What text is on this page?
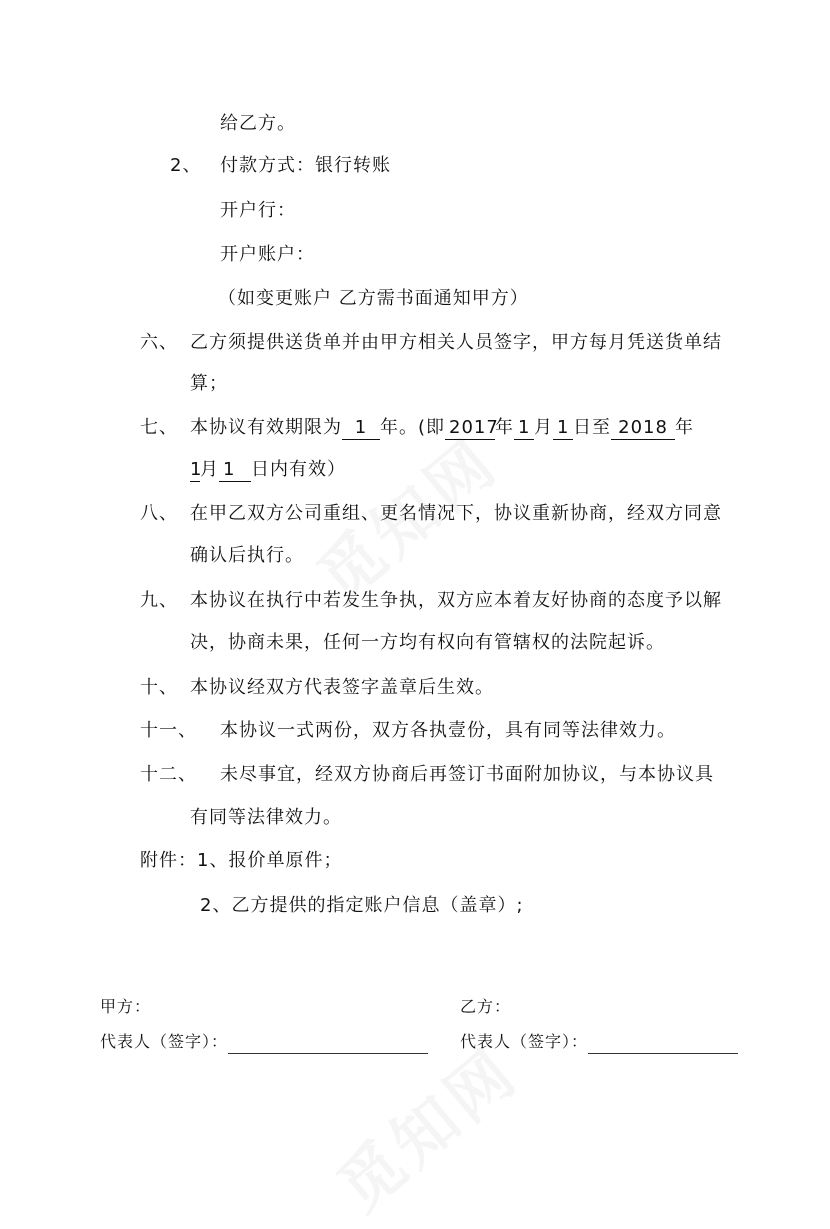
给乙方。
2、 付款方式：银行转账
开户行：
开户账户：
（如变更账户 乙方需书面通知甲方）
六、 乙方须提供送货单并由甲方相关人员签字，甲方每月凭送货单结
算；
七、 本协议有效期限为 1 年。(即 2017年 1 月 1 日至 2018 年
1月 1 日内有效）
八、 在甲乙双方公司重组、更名情况下，协议重新协商，经双方同意
确认后执行。
九、 本协议在执行中若发生争执，双方应本着友好协商的态度予以解
决，协商未果，任何一方均有权向有管辖权的法院起诉。
十、 本协议经双方代表签字盖章后生效。
十一、 本协议一式两份，双方各执壹份，具有同等法律效力。
十二、 未尽事宜，经双方协商后再签订书面附加协议，与本协议具
有同等法律效力。
附件：1、报价单原件；
2、乙方提供的指定账户信息（盖章）;
甲方：	乙方：
代表人（签字）：	代表人（签字）：
